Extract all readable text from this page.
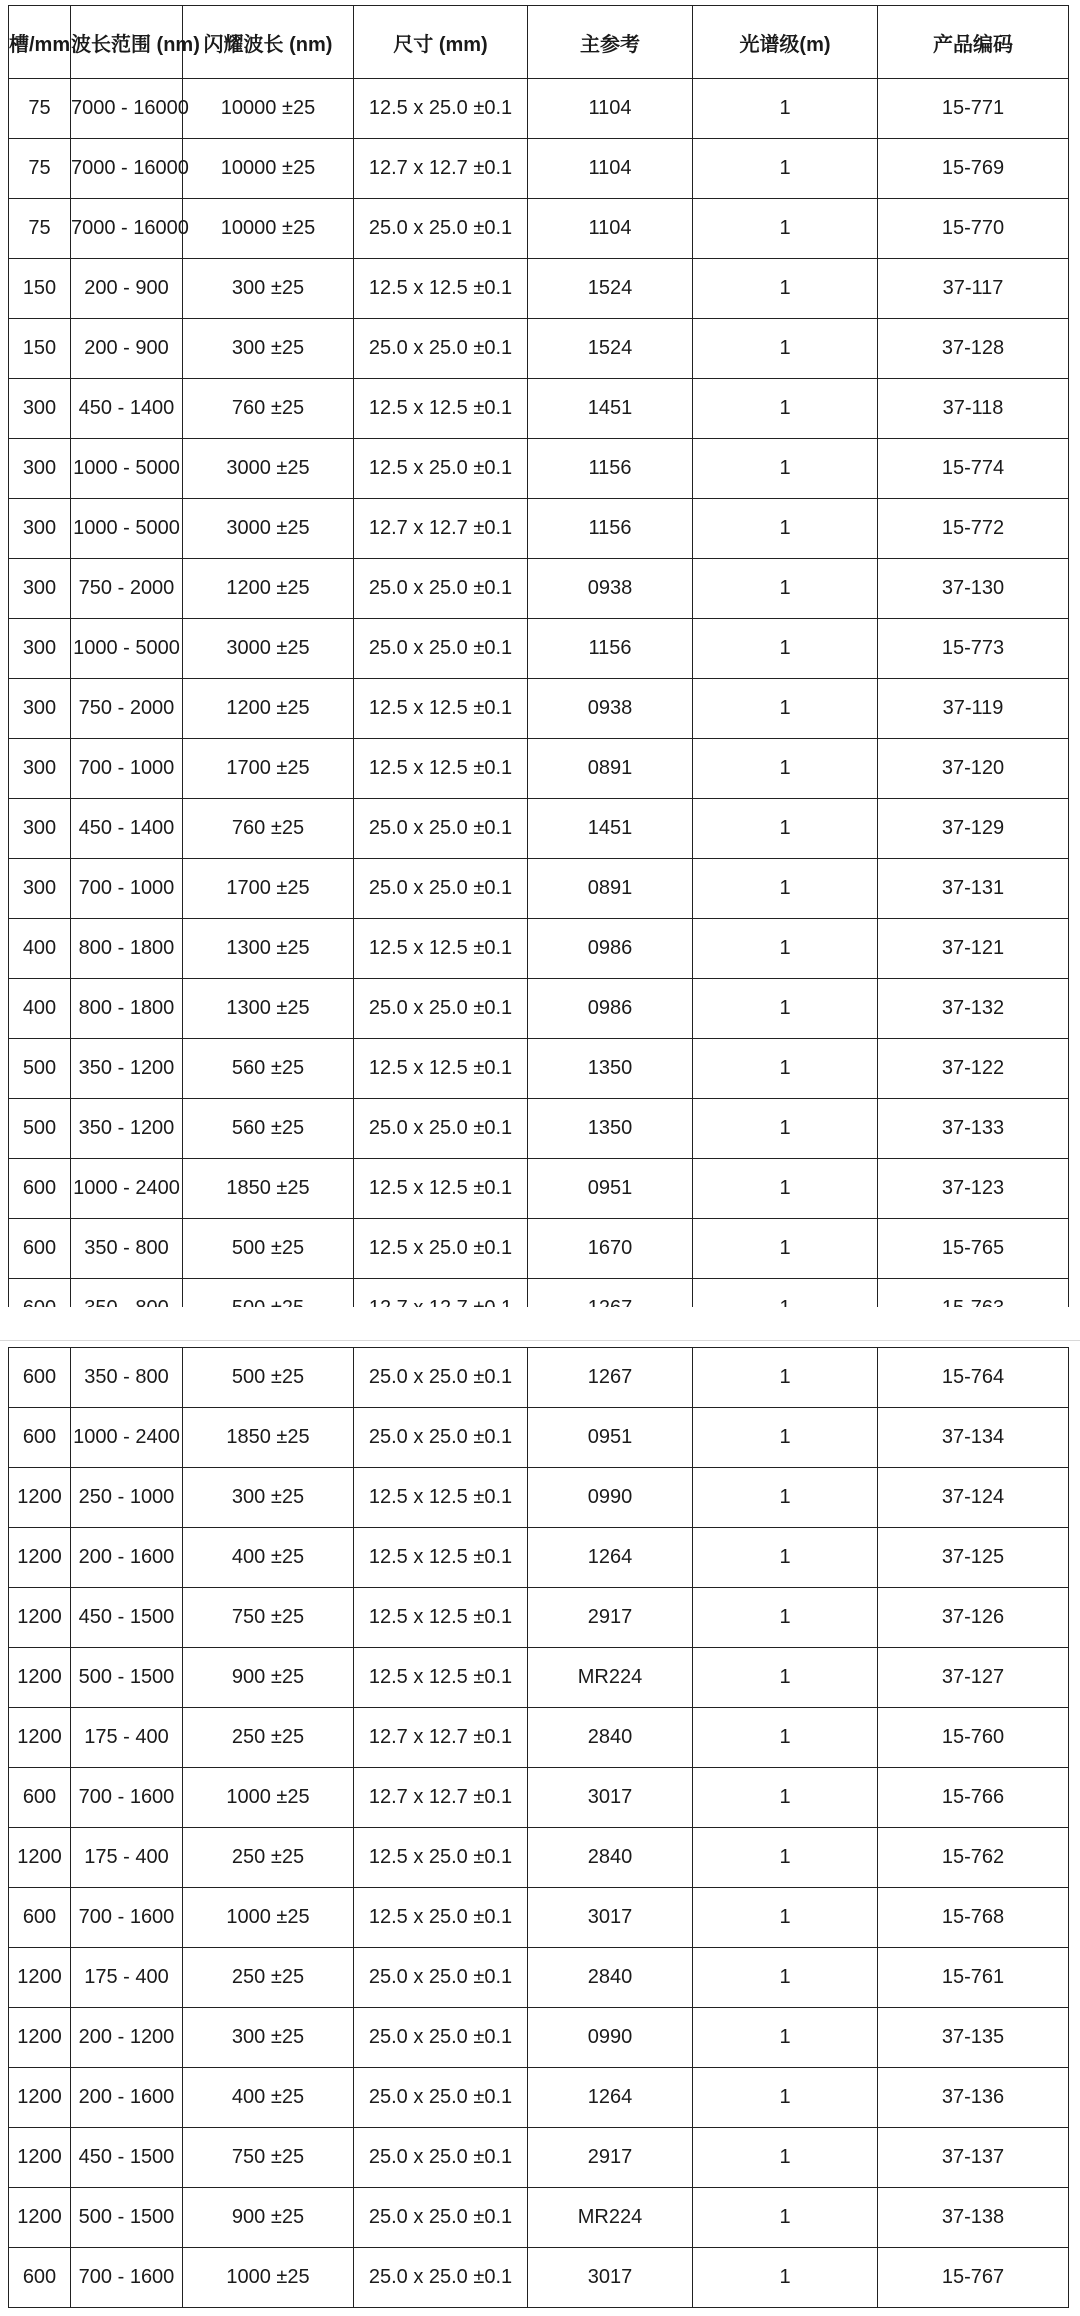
槽/mm	波长范围 (nm)	闪耀波长 (nm)	尺寸 (mm)	主参考	光谱级(m)	产品编码
75	7000 - 16000	10000 ±25	12.5 x 25.0 ±0.1	1104	1	15-771
75	7000 - 16000	10000 ±25	12.7 x 12.7 ±0.1	1104	1	15-769
75	7000 - 16000	10000 ±25	25.0 x 25.0 ±0.1	1104	1	15-770
150	200 - 900	300 ±25	12.5 x 12.5 ±0.1	1524	1	37-117
150	200 - 900	300 ±25	25.0 x 25.0 ±0.1	1524	1	37-128
300	450 - 1400	760 ±25	12.5 x 12.5 ±0.1	1451	1	37-118
300	1000 - 5000	3000 ±25	12.5 x 25.0 ±0.1	1156	1	15-774
300	1000 - 5000	3000 ±25	12.7 x 12.7 ±0.1	1156	1	15-772
300	750 - 2000	1200 ±25	25.0 x 25.0 ±0.1	0938	1	37-130
300	1000 - 5000	3000 ±25	25.0 x 25.0 ±0.1	1156	1	15-773
300	750 - 2000	1200 ±25	12.5 x 12.5 ±0.1	0938	1	37-119
300	700 - 1000	1700 ±25	12.5 x 12.5 ±0.1	0891	1	37-120
300	450 - 1400	760 ±25	25.0 x 25.0 ±0.1	1451	1	37-129
300	700 - 1000	1700 ±25	25.0 x 25.0 ±0.1	0891	1	37-131
400	800 - 1800	1300 ±25	12.5 x 12.5 ±0.1	0986	1	37-121
400	800 - 1800	1300 ±25	25.0 x 25.0 ±0.1	0986	1	37-132
500	350 - 1200	560 ±25	12.5 x 12.5 ±0.1	1350	1	37-122
500	350 - 1200	560 ±25	25.0 x 25.0 ±0.1	1350	1	37-133
600	1000 - 2400	1850 ±25	12.5 x 12.5 ±0.1	0951	1	37-123
600	350 - 800	500 ±25	12.5 x 25.0 ±0.1	1670	1	15-765

600	350 - 800	500 ±25	25.0 x 25.0 ±0.1	1267	1	15-764
600	1000 - 2400	1850 ±25	25.0 x 25.0 ±0.1	0951	1	37-134
1200	250 - 1000	300 ±25	12.5 x 12.5 ±0.1	0990	1	37-124
1200	200 - 1600	400 ±25	12.5 x 12.5 ±0.1	1264	1	37-125
1200	450 - 1500	750 ±25	12.5 x 12.5 ±0.1	2917	1	37-126
1200	500 - 1500	900 ±25	12.5 x 12.5 ±0.1	MR224	1	37-127
1200	175 - 400	250 ±25	12.7 x 12.7 ±0.1	2840	1	15-760
600	700 - 1600	1000 ±25	12.7 x 12.7 ±0.1	3017	1	15-766
1200	175 - 400	250 ±25	12.5 x 25.0 ±0.1	2840	1	15-762
600	700 - 1600	1000 ±25	12.5 x 25.0 ±0.1	3017	1	15-768
1200	175 - 400	250 ±25	25.0 x 25.0 ±0.1	2840	1	15-761
1200	200 - 1200	300 ±25	25.0 x 25.0 ±0.1	0990	1	37-135
1200	200 - 1600	400 ±25	25.0 x 25.0 ±0.1	1264	1	37-136
1200	450 - 1500	750 ±25	25.0 x 25.0 ±0.1	2917	1	37-137
1200	500 - 1500	900 ±25	25.0 x 25.0 ±0.1	MR224	1	37-138
600	700 - 1600	1000 ±25	25.0 x 25.0 ±0.1	3017	1	15-767
